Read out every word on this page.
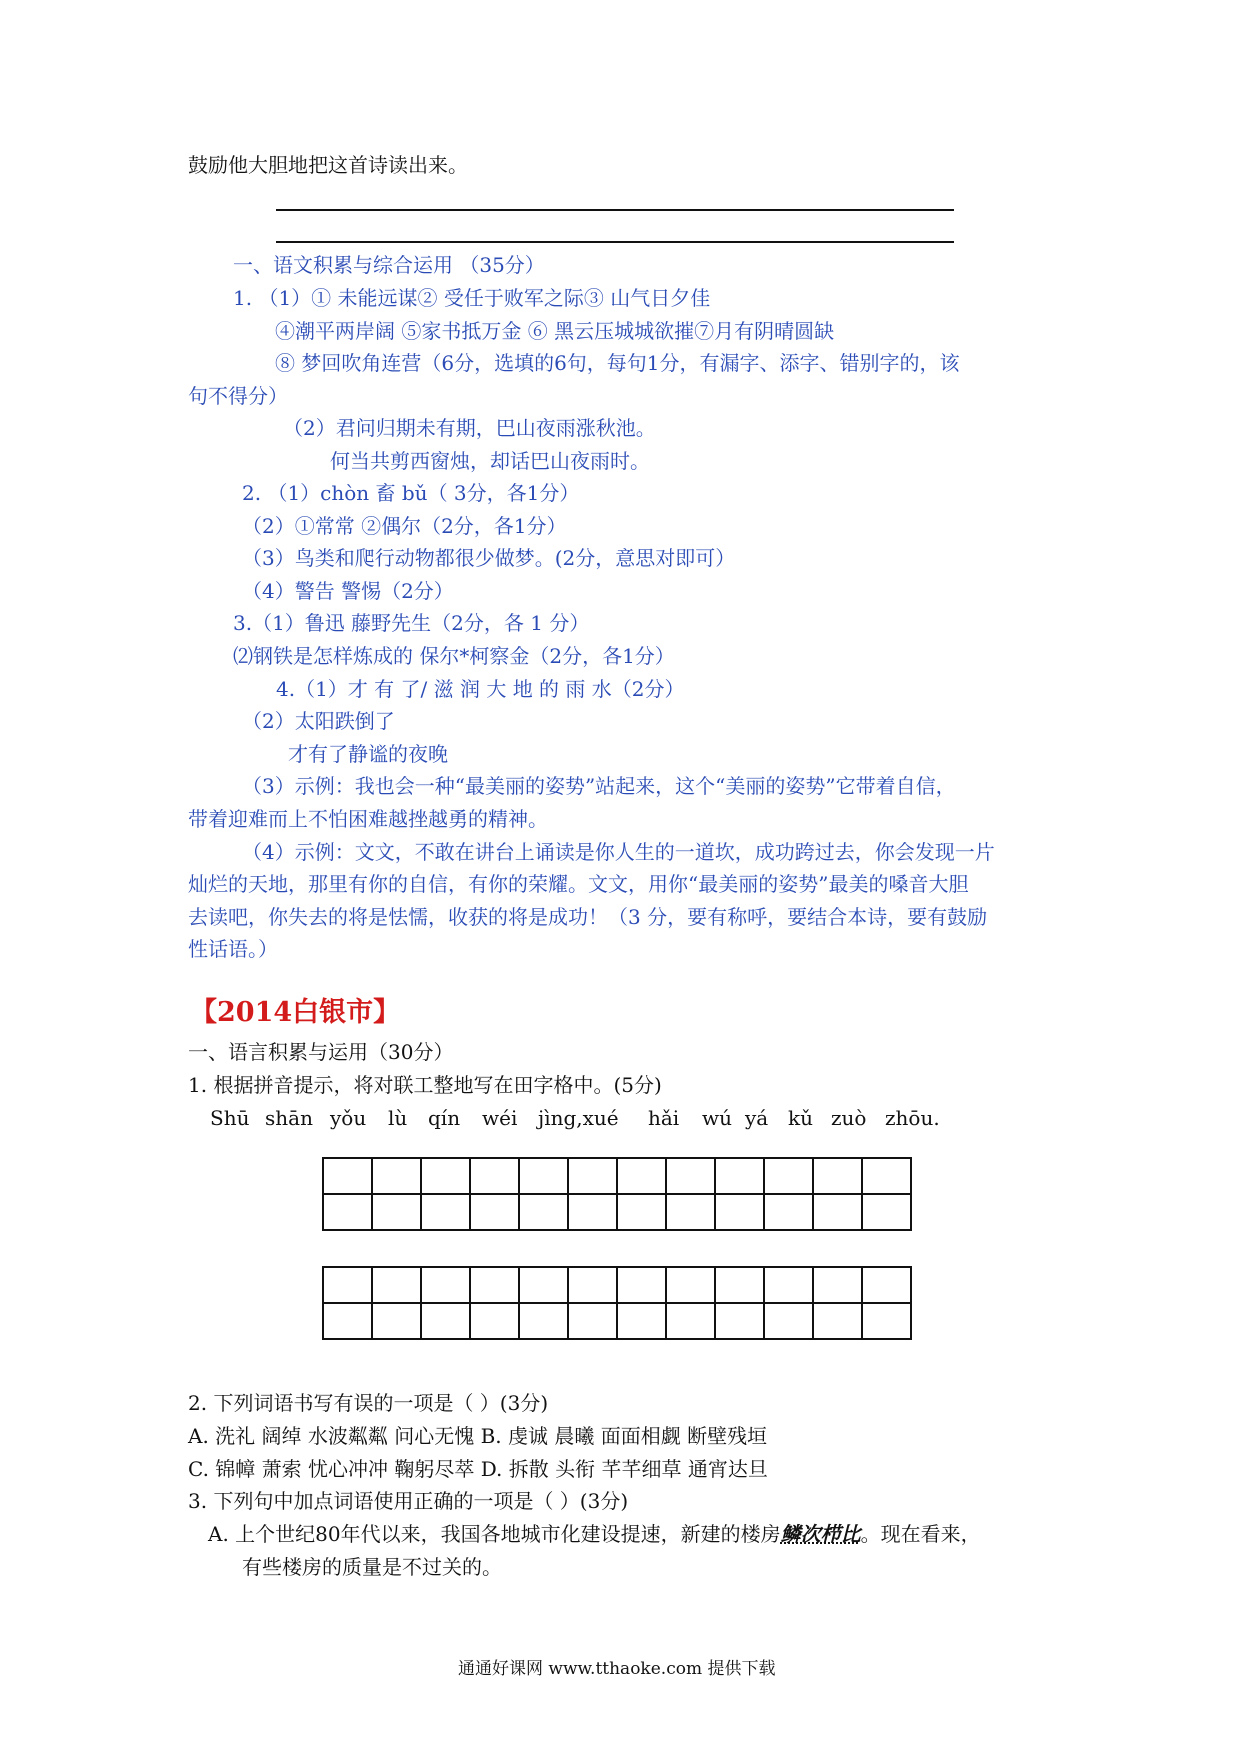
鼓励他大胆地把这首诗读出来。
一、语文积累与综合运用 （35分）
1. （1）① 未能远谋② 受任于败军之际③ 山气日夕佳
④潮平两岸阔 ⑤家书抵万金 ⑥ 黑云压城城欲摧⑦月有阴晴圆缺
⑧ 梦回吹角连营（6分，选填的6句，每句1分，有漏字、添字、错别字的，该
句不得分）
（2）君问归期未有期，巴山夜雨涨秋池。
何当共剪西窗烛，却话巴山夜雨时。
2. （1）chòn 畜 bǔ（ 3分，各1分）
（2）①常常 ②偶尔（2分，各1分）
（3）鸟类和爬行动物都很少做梦。(2分，意思对即可）
（4）警告 警惕（2分）
3.（1）鲁迅 藤野先生（2分，各 1 分）
⑵钢铁是怎样炼成的 保尔*柯察金（2分，各1分）
4.（1）才 有 了/ 滋 润 大 地 的 雨 水（2分）
（2）太阳跌倒了
才有了静谧的夜晚
（3）示例：我也会一种“最美丽的姿势”站起来，这个“美丽的姿势”它带着自信，
带着迎难而上不怕困难越挫越勇的精神。
（4）示例：文文，不敢在讲台上诵读是你人生的一道坎，成功跨过去，你会发现一片
灿烂的天地，那里有你的自信，有你的荣耀。文文，用你“最美丽的姿势”最美的嗓音大胆
去读吧，你失去的将是怯懦，收获的将是成功！（3 分，要有称呼，要结合本诗，要有鼓励
性话语。）
【2014白银市】
一、语言积累与运用（30分）
1. 根据拼音提示，将对联工整地写在田字格中。(5分)
Shū shān yǒu lù qín wéi jìng,xué hǎi wú yá kǔ zuò zhōu.

2. 下列词语书写有误的一项是（ ）(3分)
A. 洗礼 阔绰 水波粼粼 问心无愧 B. 虔诚 晨曦 面面相觑 断壁残垣
C. 锦幛 萧索 忧心冲冲 鞠躬尽萃 D. 拆散 头衔 芊芊细草 通宵达旦
3. 下列句中加点词语使用正确的一项是（ ）(3分)
A. 上个世纪80年代以来，我国各地城市化建设提速，新建的楼房鳞次栉比。现在看来，
有些楼房的质量是不过关的。
通通好课网 www.tthaoke.com 提供下载
